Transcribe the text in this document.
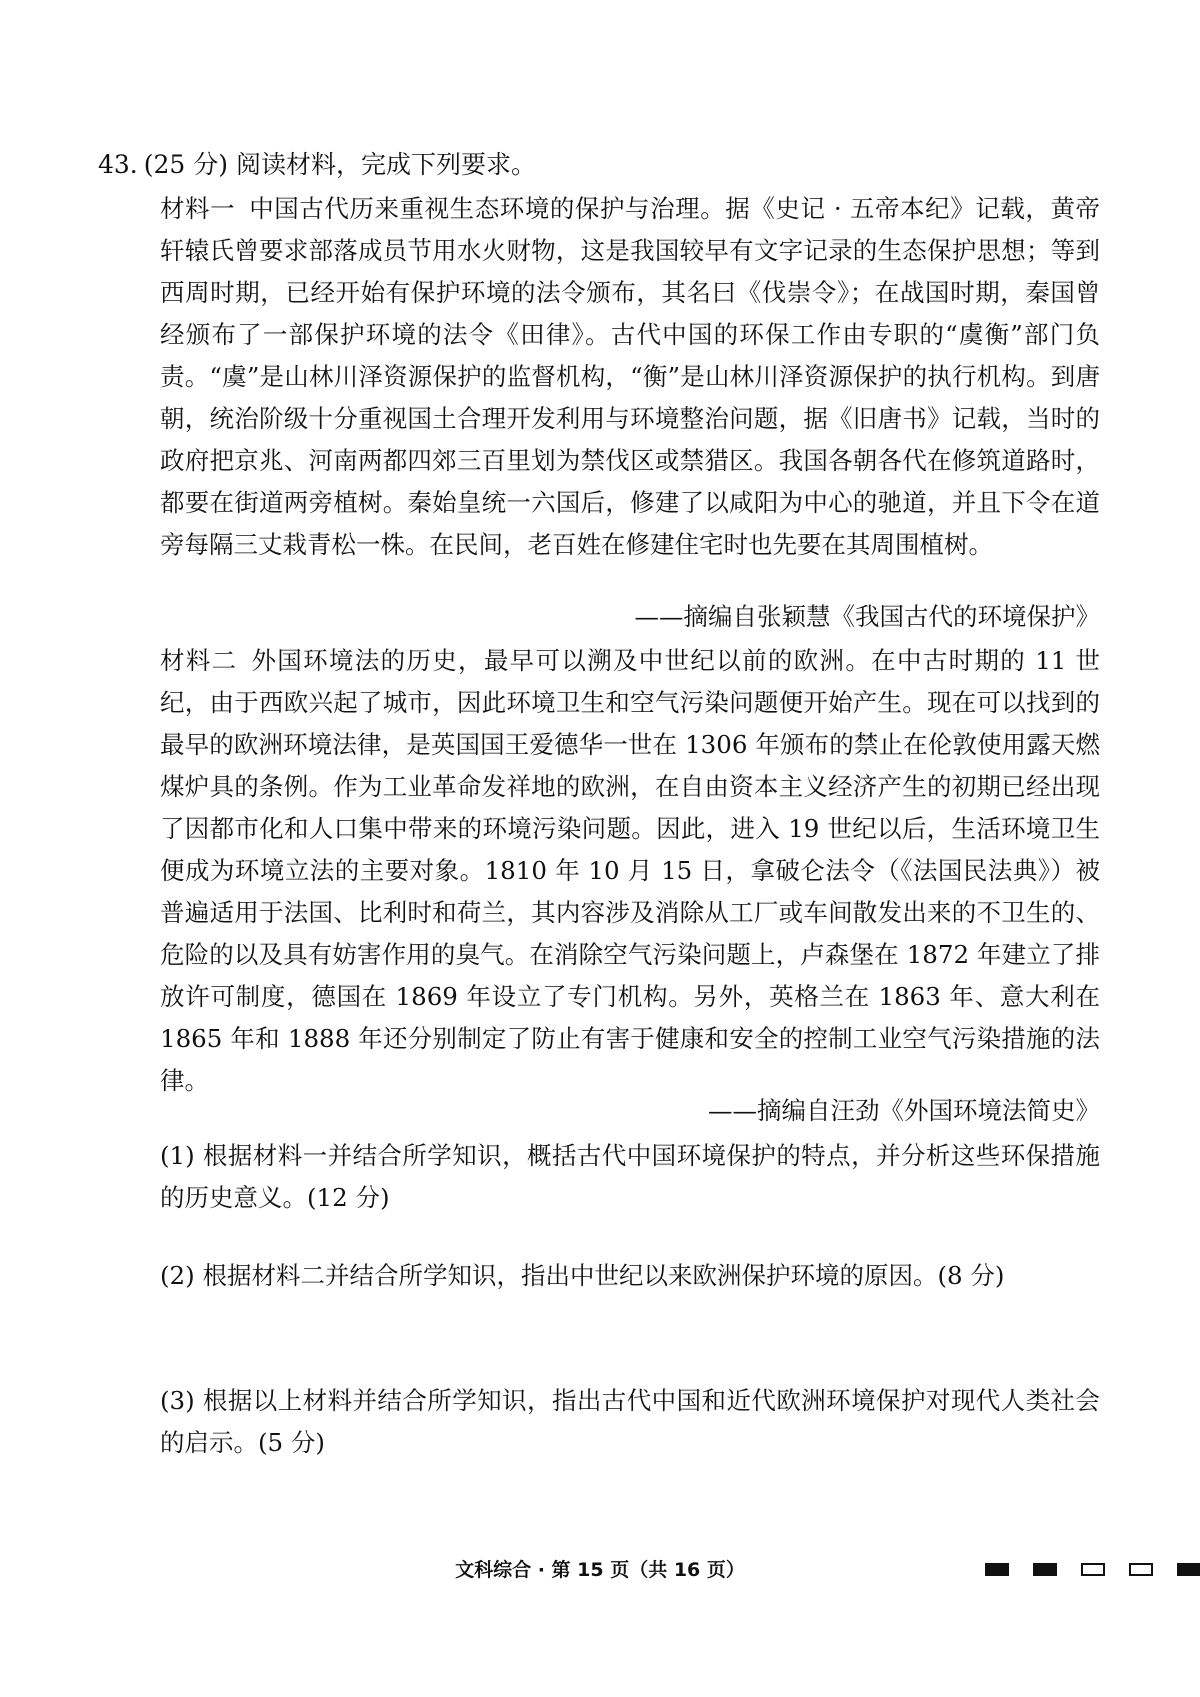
43. (25 分) 阅读材料，完成下列要求。
材料一 中国古代历来重视生态环境的保护与治理。据《史记 · 五帝本纪》记载，黄帝轩辕氏曾要求部落成员节用水火财物，这是我国较早有文字记录的生态保护思想；等到西周时期，已经开始有保护环境的法令颁布，其名曰《伐崇令》；在战国时期，秦国曾经颁布了一部保护环境的法令《田律》。古代中国的环保工作由专职的“虞衡”部门负责。“虞”是山林川泽资源保护的监督机构，“衡”是山林川泽资源保护的执行机构。到唐朝，统治阶级十分重视国土合理开发利用与环境整治问题，据《旧唐书》记载，当时的政府把京兆、河南两都四郊三百里划为禁伐区或禁猎区。我国各朝各代在修筑道路时，都要在街道两旁植树。秦始皇统一六国后，修建了以咸阳为中心的驰道，并且下令在道旁每隔三丈栽青松一株。在民间，老百姓在修建住宅时也先要在其周围植树。
——摘编自张颖慧《我国古代的环境保护》
材料二 外国环境法的历史，最早可以溯及中世纪以前的欧洲。在中古时期的 11 世纪，由于西欧兴起了城市，因此环境卫生和空气污染问题便开始产生。现在可以找到的最早的欧洲环境法律，是英国国王爱德华一世在 1306 年颁布的禁止在伦敦使用露天燃煤炉具的条例。作为工业革命发祥地的欧洲，在自由资本主义经济产生的初期已经出现了因都市化和人口集中带来的环境污染问题。因此，进入 19 世纪以后，生活环境卫生便成为环境立法的主要对象。1810 年 10 月 15 日，拿破仑法令（《法国民法典》）被普遍适用于法国、比利时和荷兰，其内容涉及消除从工厂或车间散发出来的不卫生的、危险的以及具有妨害作用的臭气。在消除空气污染问题上，卢森堡在 1872 年建立了排放许可制度，德国在 1869 年设立了专门机构。另外，英格兰在 1863 年、意大利在 1865 年和 1888 年还分别制定了防止有害于健康和安全的控制工业空气污染措施的法律。
——摘编自汪劲《外国环境法简史》
(1) 根据材料一并结合所学知识，概括古代中国环境保护的特点，并分析这些环保措施的历史意义。(12 分)
(2) 根据材料二并结合所学知识，指出中世纪以来欧洲保护环境的原因。(8 分)
(3) 根据以上材料并结合所学知识，指出古代中国和近代欧洲环境保护对现代人类社会的启示。(5 分)
文科综合 · 第 15 页（共 16 页）
